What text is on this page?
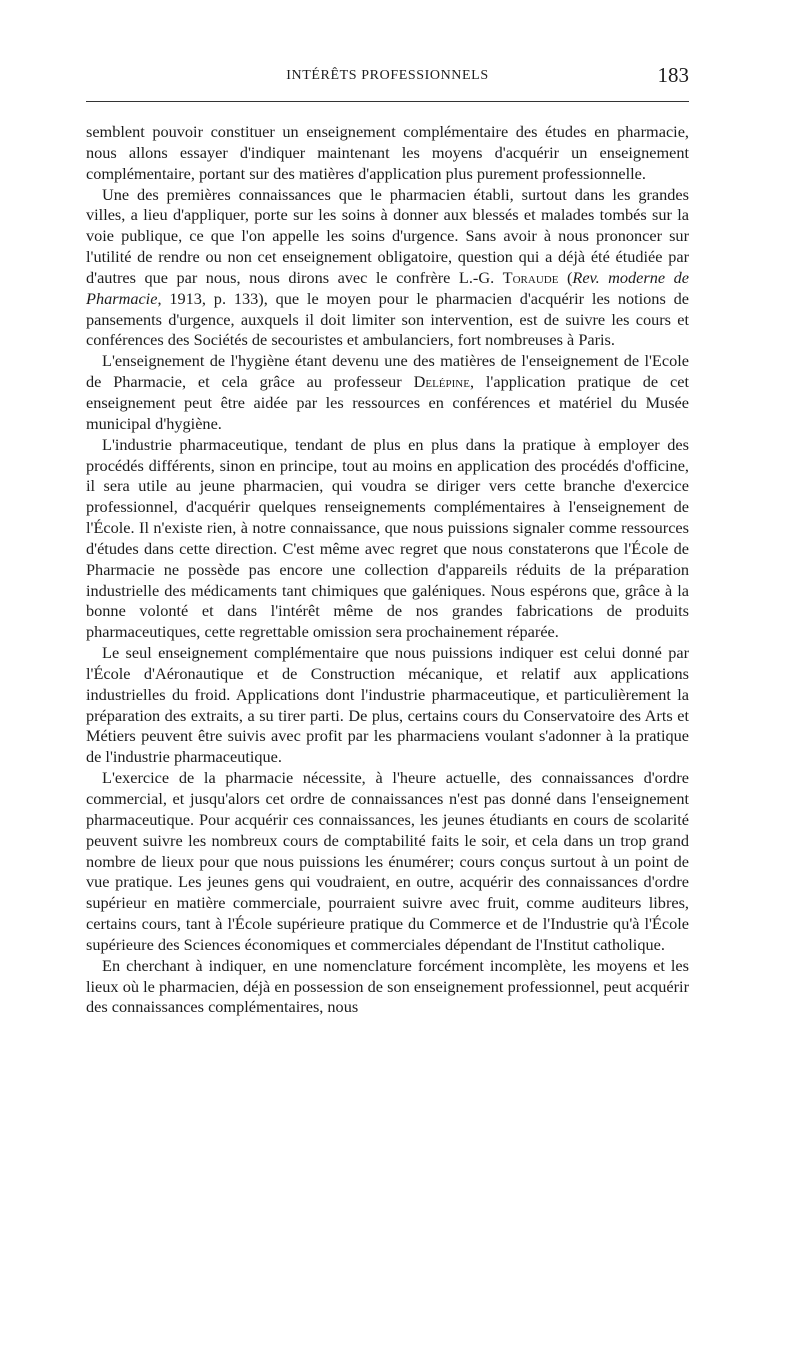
INTÉRÊTS PROFESSIONNELS	183

semblent pouvoir constituer un enseignement complémentaire des études en pharmacie, nous allons essayer d'indiquer maintenant les moyens d'acquérir un enseignement complémentaire, portant sur des matières d'application plus purement professionnelle.

Une des premières connaissances que le pharmacien établi, surtout dans les grandes villes, a lieu d'appliquer, porte sur les soins à donner aux blessés et malades tombés sur la voie publique, ce que l'on appelle les soins d'urgence. Sans avoir à nous prononcer sur l'utilité de rendre ou non cet enseignement obligatoire, question qui a déjà été étudiée par d'autres que par nous, nous dirons avec le confrère L.-G. Toraude (Rev. moderne de Pharmacie, 1913, p. 133), que le moyen pour le pharmacien d'acquérir les notions de pansements d'urgence, auxquels il doit limiter son intervention, est de suivre les cours et conférences des Sociétés de secouristes et ambulanciers, fort nombreuses à Paris.

L'enseignement de l'hygiène étant devenu une des matières de l'enseignement de l'Ecole de Pharmacie, et cela grâce au professeur Delépine, l'application pratique de cet enseignement peut être aidée par les ressources en conférences et matériel du Musée municipal d'hygiène.

L'industrie pharmaceutique, tendant de plus en plus dans la pratique à employer des procédés différents, sinon en principe, tout au moins en application des procédés d'officine, il sera utile au jeune pharmacien, qui voudra se diriger vers cette branche d'exercice professionnel, d'acquérir quelques renseignements complémentaires à l'enseignement de l'École. Il n'existe rien, à notre connaissance, que nous puissions signaler comme ressources d'études dans cette direction. C'est même avec regret que nous constaterons que l'École de Pharmacie ne possède pas encore une collection d'appareils réduits de la préparation industrielle des médicaments tant chimiques que galéniques. Nous espérons que, grâce à la bonne volonté et dans l'intérêt même de nos grandes fabrications de produits pharmaceutiques, cette regrettable omission sera prochainement réparée.

Le seul enseignement complémentaire que nous puissions indiquer est celui donné par l'École d'Aéronautique et de Construction mécanique, et relatif aux applications industrielles du froid. Applications dont l'industrie pharmaceutique, et particulièrement la préparation des extraits, a su tirer parti. De plus, certains cours du Conservatoire des Arts et Métiers peuvent être suivis avec profit par les pharmaciens voulant s'adonner à la pratique de l'industrie pharmaceutique.

L'exercice de la pharmacie nécessite, à l'heure actuelle, des connaissances d'ordre commercial, et jusqu'alors cet ordre de connaissances n'est pas donné dans l'enseignement pharmaceutique. Pour acquérir ces connaissances, les jeunes étudiants en cours de scolarité peuvent suivre les nombreux cours de comptabilité faits le soir, et cela dans un trop grand nombre de lieux pour que nous puissions les énumérer; cours conçus surtout à un point de vue pratique. Les jeunes gens qui voudraient, en outre, acquérir des connaissances d'ordre supérieur en matière commerciale, pourraient suivre avec fruit, comme auditeurs libres, certains cours, tant à l'École supérieure pratique du Commerce et de l'Industrie qu'à l'École supérieure des Sciences économiques et commerciales dépendant de l'Institut catholique.

En cherchant à indiquer, en une nomenclature forcément incomplète, les moyens et les lieux où le pharmacien, déjà en possession de son enseignement professionnel, peut acquérir des connaissances complémentaires, nous
